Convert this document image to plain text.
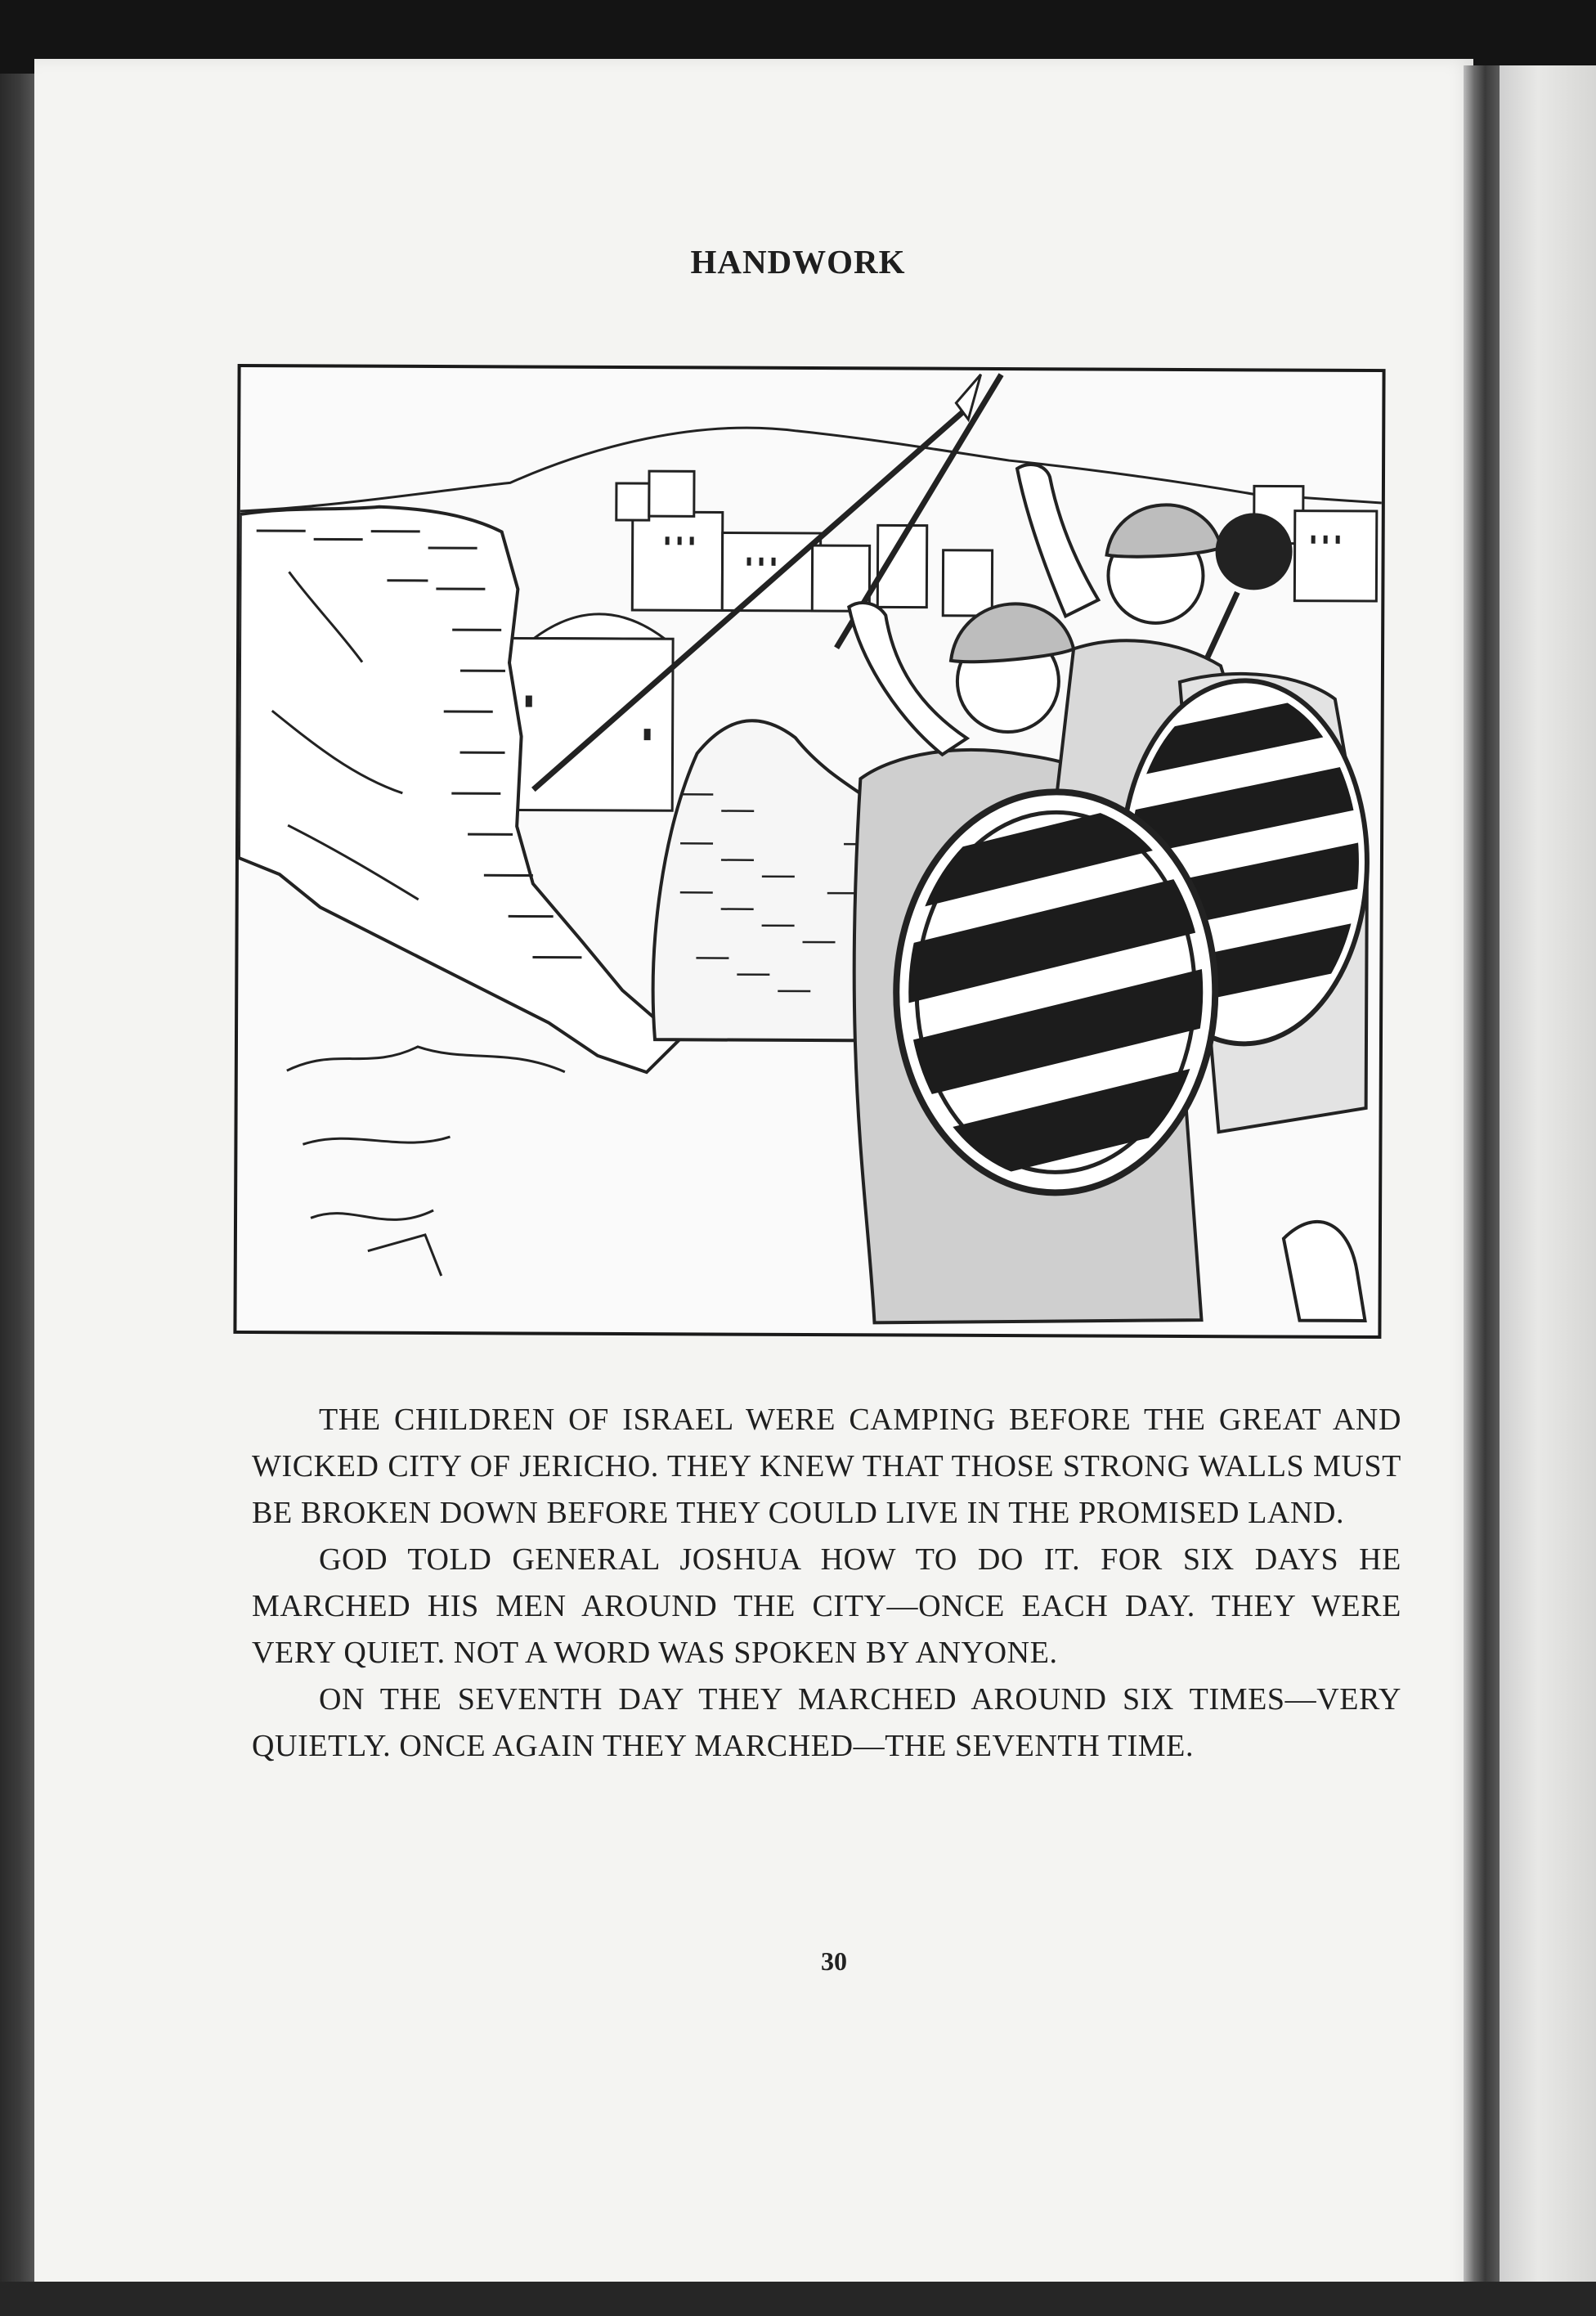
HANDWORK

THE CHILDREN OF ISRAEL WERE CAMPING BEFORE THE GREAT AND WICKED CITY OF JERICHO. THEY KNEW THAT THOSE STRONG WALLS MUST BE BROKEN DOWN BEFORE THEY COULD LIVE IN THE PROMISED LAND.

GOD TOLD GENERAL JOSHUA HOW TO DO IT. FOR SIX DAYS HE MARCHED HIS MEN AROUND THE CITY—ONCE EACH DAY. THEY WERE VERY QUIET. NOT A WORD WAS SPOKEN BY ANYONE.

ON THE SEVENTH DAY THEY MARCHED AROUND SIX TIMES—VERY QUIETLY. ONCE AGAIN THEY MARCHED—THE SEVENTH TIME.

30
